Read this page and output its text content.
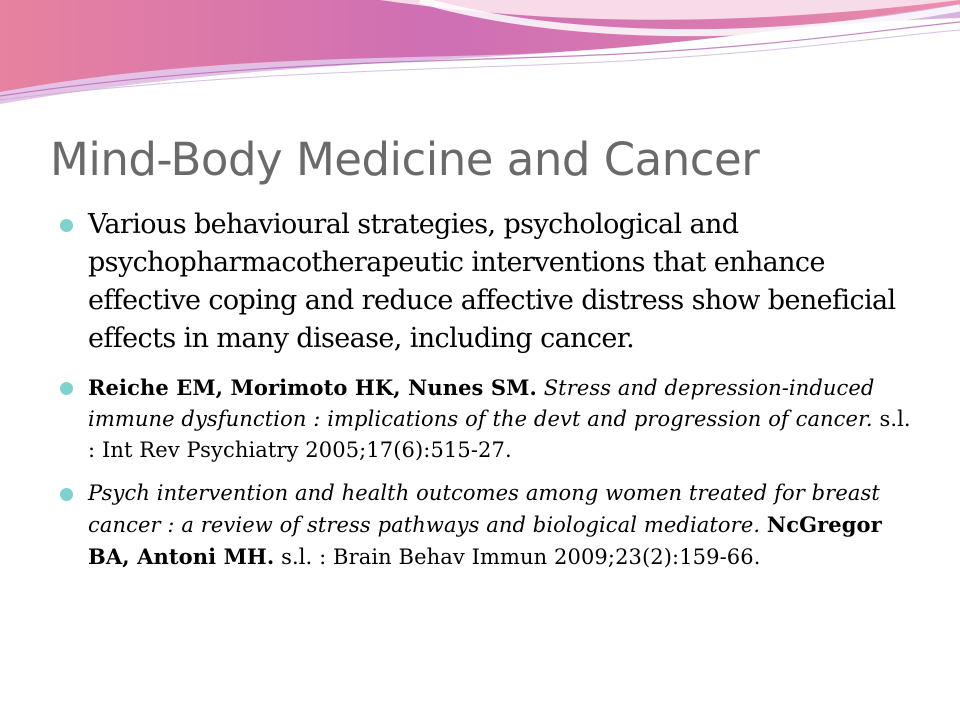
Mind-Body Medicine and Cancer
Various behavioural strategies, psychological and psychopharmacotherapeutic interventions that enhance effective coping and reduce affective distress show beneficial effects in many disease, including cancer.
Reiche EM, Morimoto HK, Nunes SM. Stress and depression-induced immune dysfunction : implications of the devt and progression of cancer. s.l. : Int Rev Psychiatry 2005;17(6):515-27.
Psych intervention and health outcomes among women treated for breast cancer : a review of stress pathways and biological mediatore. NcGregor BA, Antoni MH. s.l. : Brain Behav Immun 2009;23(2):159-66.
